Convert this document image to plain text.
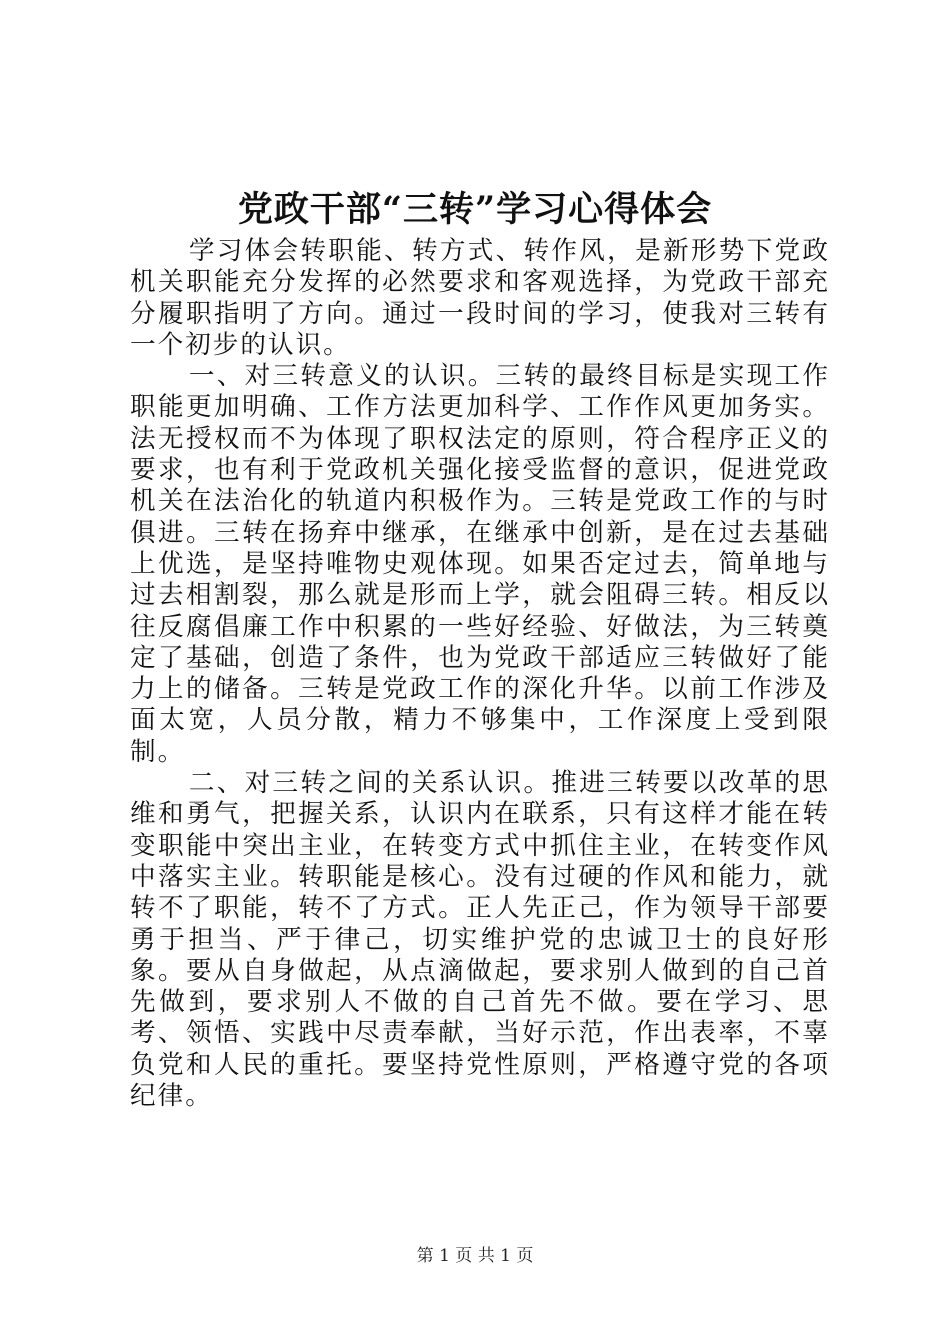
党政干部“三转”学习心得体会

学习体会转职能、转方式、转作风，是新形势下党政机关职能充分发挥的必然要求和客观选择，为党政干部充分履职指明了方向。通过一段时间的学习，使我对三转有一个初步的认识。

一、对三转意义的认识。三转的最终目标是实现工作职能更加明确、工作方法更加科学、工作作风更加务实。法无授权而不为体现了职权法定的原则，符合程序正义的要求，也有利于党政机关强化接受监督的意识，促进党政机关在法治化的轨道内积极作为。三转是党政工作的与时俱进。三转在扬弃中继承，在继承中创新，是在过去基础上优选，是坚持唯物史观体现。如果否定过去，简单地与过去相割裂，那么就是形而上学，就会阻碍三转。相反以往反腐倡廉工作中积累的一些好经验、好做法，为三转奠定了基础，创造了条件，也为党政干部适应三转做好了能力上的储备。三转是党政工作的深化升华。以前工作涉及面太宽，人员分散，精力不够集中，工作深度上受到限制。

二、对三转之间的关系认识。推进三转要以改革的思维和勇气，把握关系，认识内在联系，只有这样才能在转变职能中突出主业，在转变方式中抓住主业，在转变作风中落实主业。转职能是核心。没有过硬的作风和能力，就转不了职能，转不了方式。正人先正己，作为领导干部要勇于担当、严于律己，切实维护党的忠诚卫士的良好形象。要从自身做起，从点滴做起，要求别人做到的自己首先做到，要求别人不做的自己首先不做。要在学习、思考、领悟、实践中尽责奉献，当好示范，作出表率，不辜负党和人民的重托。要坚持党性原则，严格遵守党的各项纪律。

第 1 页 共 1 页
